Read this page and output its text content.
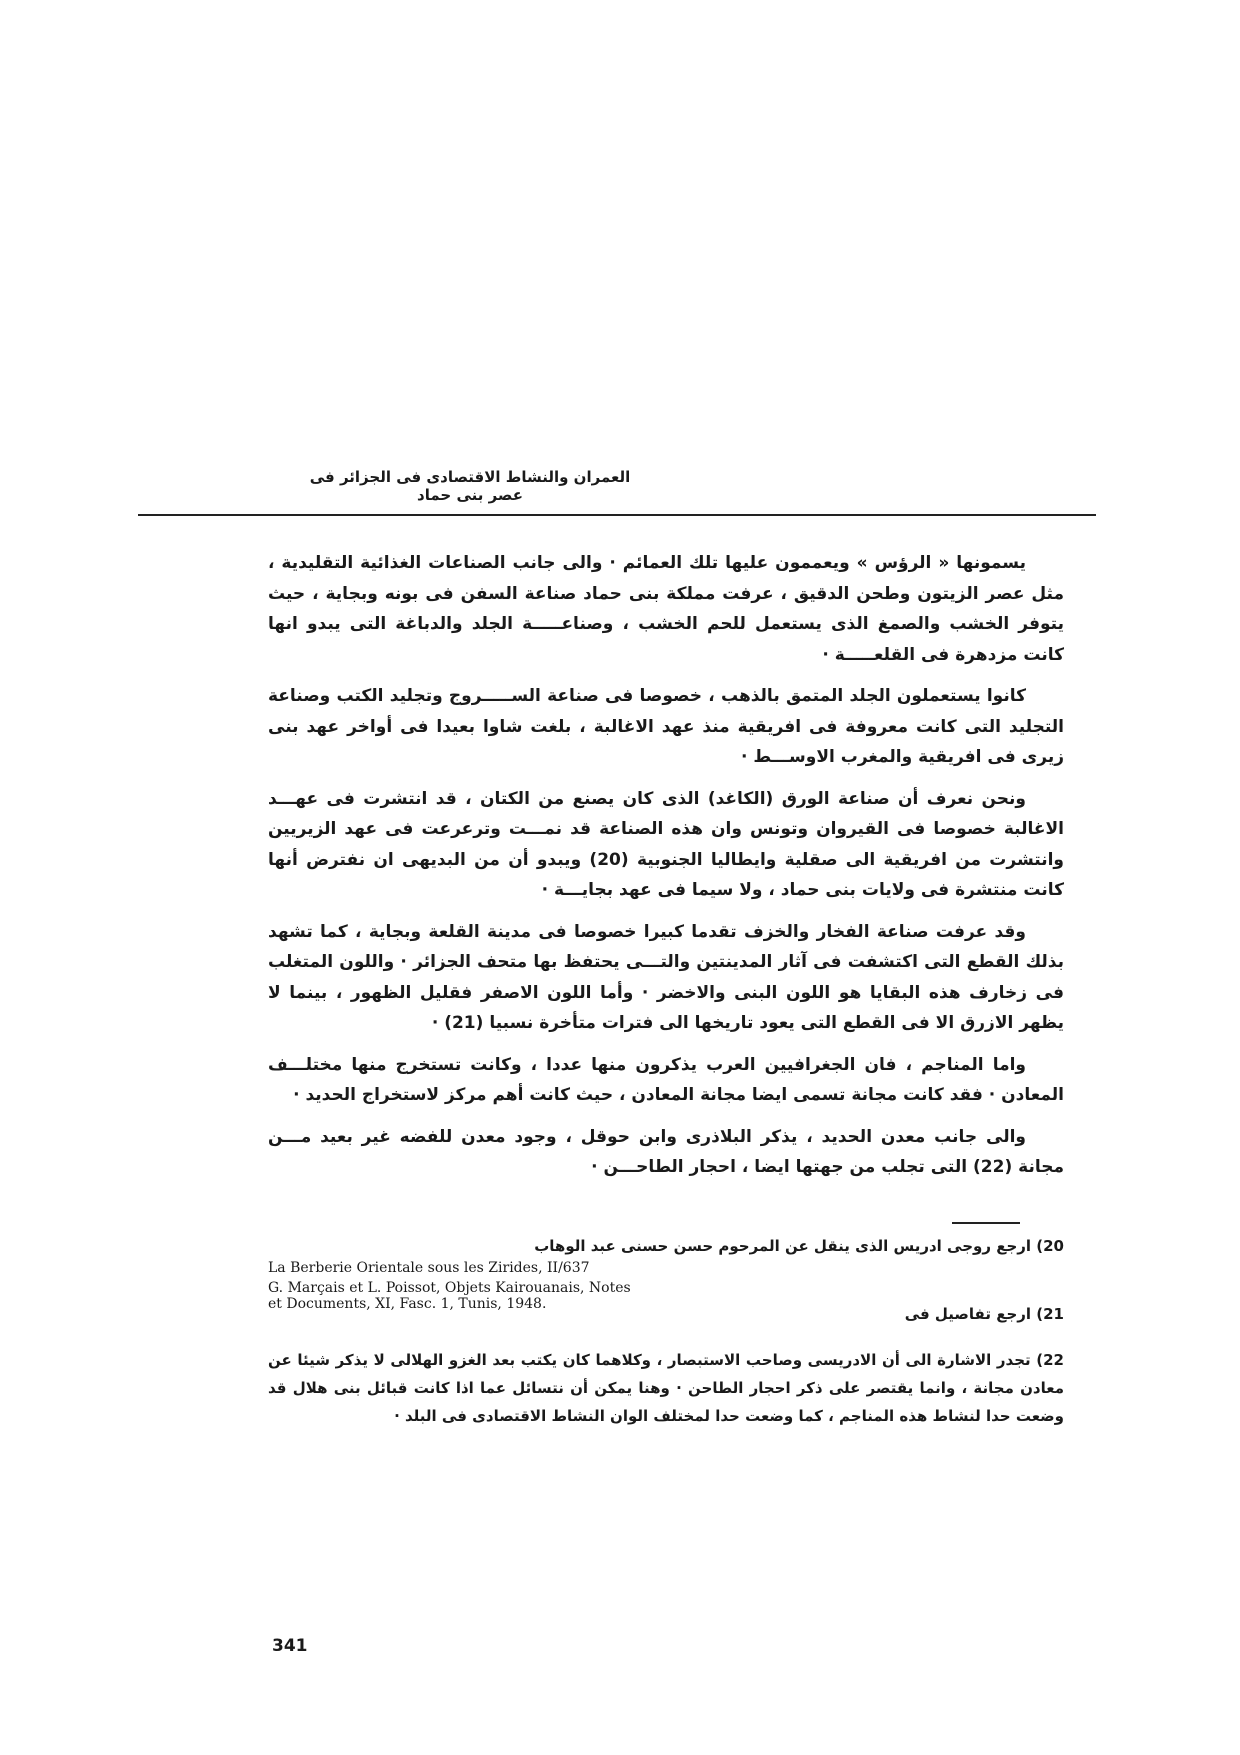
العمران والنشاط الاقتصادى فى الجزائر فى عصر بنى حماد

يسمونها « الرؤس » ويعممون عليها تلك العمائم · والى جانب الصناعات الغذائية التقليدية ، مثل عصر الزيتون وطحن الدقيق ، عرفت مملكة بنى حماد صناعة السفن فى بونه وبجاية ، حيث يتوفر الخشب والصمغ الذى يستعمل للحم الخشب ، وصناعـــــة الجلد والدباغة التى يبدو انها كانت مزدهرة فى القلعـــــة ·

كانوا يستعملون الجلد المتمق بالذهب ، خصوصا فى صناعة الســـــروج وتجليد الكتب وصناعة التجليد التى كانت معروفة فى افريقية منذ عهد الاغالبة ، بلغت شاوا بعيدا فى أواخر عهد بنى زيرى فى افريقية والمغرب الاوســـط ·

ونحن نعرف أن صناعة الورق (الكاغد) الذى كان يصنع من الكتان ، قد انتشرت فى عهـــد الاغالبة خصوصا فى القيروان وتونس وان هذه الصناعة قد نمـــت وترعرعت فى عهد الزيريين وانتشرت من افريقية الى صقلية وايطاليا الجنوبية (20) ويبدو أن من البديهى ان نفترض أنها كانت منتشرة فى ولايات بنى حماد ، ولا سيما فى عهد بجايـــة ·

وقد عرفت صناعة الفخار والخزف تقدما كبيرا خصوصا فى مدينة القلعة وبجاية ، كما تشهد بذلك القطع التى اكتشفت فى آثار المدينتين والتـــى يحتفظ بها متحف الجزائر · واللون المتغلب فى زخارف هذه البقايا هو اللون البنى والاخضر · وأما اللون الاصفر فقليل الظهور ، بينما لا يظهر الازرق الا فى القطع التى يعود تاريخها الى فترات متأخرة نسبيا (21) ·

واما المناجم ، فان الجغرافيين العرب يذكرون منها عددا ، وكانت تستخرج منها مختلـــف المعادن · فقد كانت مجانة تسمى ايضا مجانة المعادن ، حيث كانت أهم مركز لاستخراج الحديد ·

والى جانب معدن الحديد ، يذكر البلاذرى وابن حوقل ، وجود معدن للفضه غير بعيد مـــن مجانة (22) التى تجلب من جهتها ايضا ، احجار الطاحـــن ·

20) ارجع روجى ادريس الذى ينقل عن المرحوم حسن حسنى عبد الوهاب

La Berberie Orientale sous les Zirides, II/637
G. Marçais et L. Poissot, Objets Kairouanais, Notes
et Documents, XI, Fasc. 1, Tunis, 1948.

21) ارجع تفاصيل فى

22) تجدر الاشارة الى أن الادريسى وصاحب الاستبصار ، وكلاهما كان يكتب بعد الغزو الهلالى لا يذكر شيئا عن معادن مجانة ، وانما يقتصر على ذكر احجار الطاحن · وهنا يمكن أن نتسائل عما اذا كانت قبائل بنى هلال قد وضعت حدا لنشاط هذه المناجم ، كما وضعت حدا لمختلف الوان النشاط الاقتصادى فى البلد ·

341
